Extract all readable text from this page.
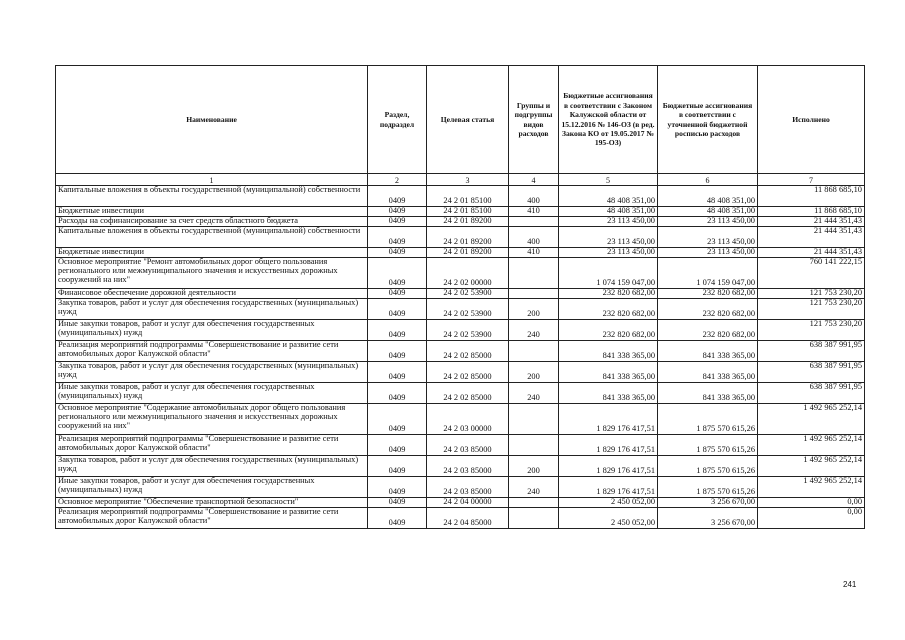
Наименование	Раздел, подраздел	Целевая статья	Группы и подгруппы видов расходов	Бюджетные ассигнования в соответствии с Законом Калужской области от 15.12.2016 № 146-ОЗ (в ред. Закона КО от 19.05.2017 № 195-ОЗ)	Бюджетные ассигнования в соответствии с уточненной бюджетной росписью расходов	Исполнено
1	2	3	4	5	6	7
Капитальные вложения в объекты государственной (муниципальной) собственности	0409	24 2 01 85100	400	48 408 351,00	48 408 351,00	11 868 685,10
Бюджетные инвестиции	0409	24 2 01 85100	410	48 408 351,00	48 408 351,00	11 868 685,10
Расходы на софинансирование за счет средств областного бюджета	0409	24 2 01 89200		23 113 450,00	23 113 450,00	21 444 351,43
Капитальные вложения в объекты государственной (муниципальной) собственности	0409	24 2 01 89200	400	23 113 450,00	23 113 450,00	21 444 351,43
Бюджетные инвестиции	0409	24 2 01 89200	410	23 113 450,00	23 113 450,00	21 444 351,43
Основное мероприятие "Ремонт автомобильных дорог общего пользования регионального или межмуниципального значения и искусственных дорожных сооружений на них"	0409	24 2 02 00000		1 074 159 047,00	1 074 159 047,00	760 141 222,15
Финансовое обеспечение дорожной деятельности	0409	24 2 02 53900		232 820 682,00	232 820 682,00	121 753 230,20
Закупка товаров, работ и услуг для обеспечения государственных (муниципальных) нужд	0409	24 2 02 53900	200	232 820 682,00	232 820 682,00	121 753 230,20
Иные закупки товаров, работ и услуг для обеспечения государственных (муниципальных) нужд	0409	24 2 02 53900	240	232 820 682,00	232 820 682,00	121 753 230,20
Реализация мероприятий подпрограммы "Совершенствование и развитие сети автомобильных дорог Калужской области"	0409	24 2 02 85000		841 338 365,00	841 338 365,00	638 387 991,95
Закупка товаров, работ и услуг для обеспечения государственных (муниципальных) нужд	0409	24 2 02 85000	200	841 338 365,00	841 338 365,00	638 387 991,95
Иные закупки товаров, работ и услуг для обеспечения государственных (муниципальных) нужд	0409	24 2 02 85000	240	841 338 365,00	841 338 365,00	638 387 991,95
Основное мероприятие "Содержание автомобильных дорог общего пользования регионального или межмуниципального значения и искусственных дорожных сооружений на них"	0409	24 2 03 00000		1 829 176 417,51	1 875 570 615,26	1 492 965 252,14
Реализация мероприятий подпрограммы "Совершенствование и развитие сети автомобильных дорог Калужской области"	0409	24 2 03 85000		1 829 176 417,51	1 875 570 615,26	1 492 965 252,14
Закупка товаров, работ и услуг для обеспечения государственных (муниципальных) нужд	0409	24 2 03 85000	200	1 829 176 417,51	1 875 570 615,26	1 492 965 252,14
Иные закупки товаров, работ и услуг для обеспечения государственных (муниципальных) нужд	0409	24 2 03 85000	240	1 829 176 417,51	1 875 570 615,26	1 492 965 252,14
Основное мероприятие "Обеспечение транспортной безопасности"	0409	24 2 04 00000		2 450 052,00	3 256 670,00	0,00
Реализация мероприятий подпрограммы "Совершенствование и развитие сети автомобильных дорог Калужской области"	0409	24 2 04 85000		2 450 052,00	3 256 670,00	0,00
241
